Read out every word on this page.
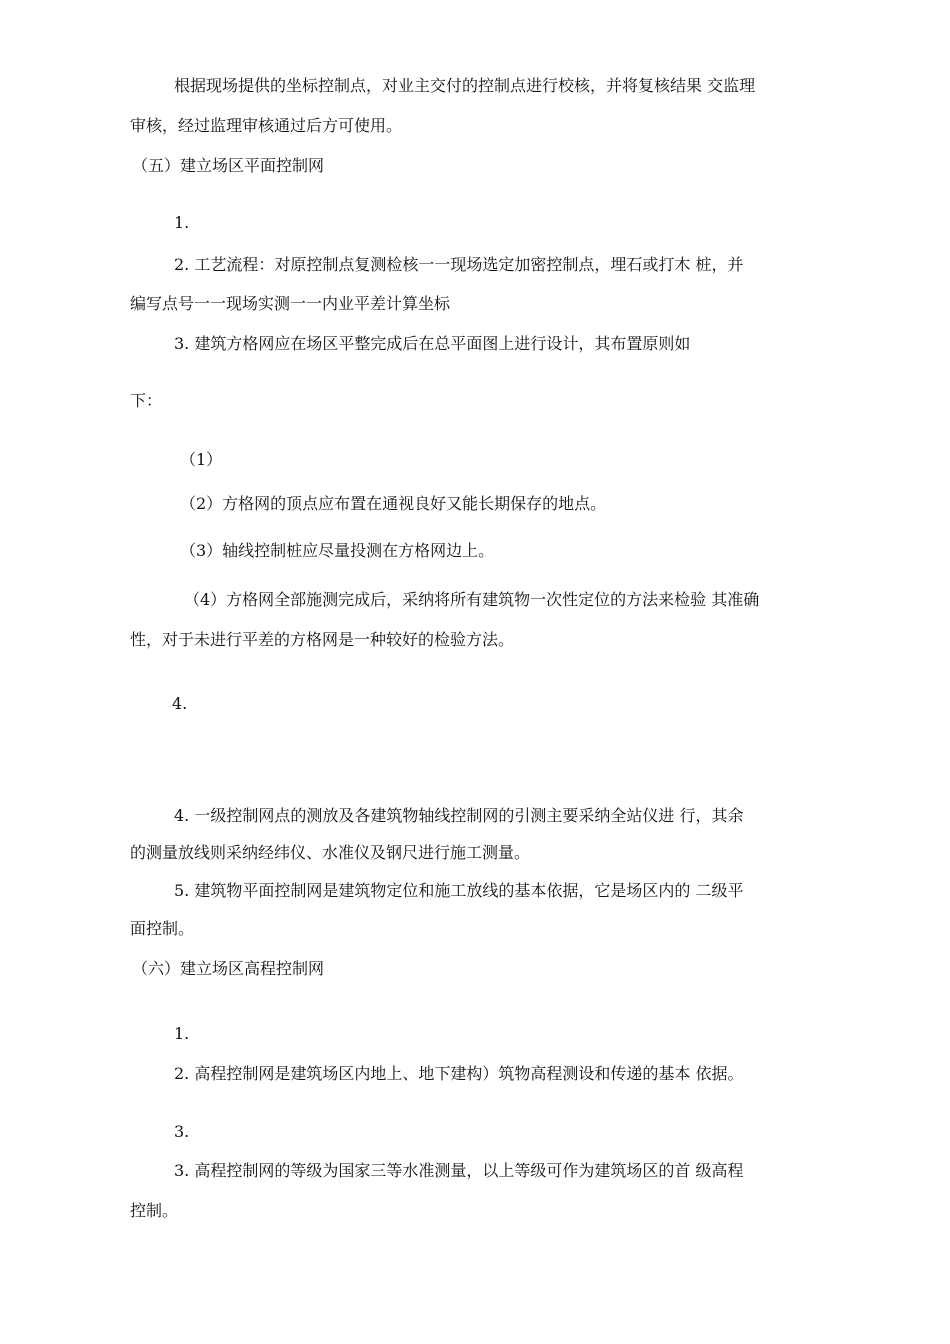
根据现场提供的坐标控制点，对业主交付的控制点进行校核，并将复核结果 交监理
审核，经过监理审核通过后方可使用。
（五）建立场区平面控制网
1.
2. 工艺流程：对原控制点复测检核一一现场选定加密控制点，埋石或打木 桩，并
编写点号一一现场实测一一内业平差计算坐标
3. 建筑方格网应在场区平整完成后在总平面图上进行设计，其布置原则如
下：
（1）
（2）方格网的顶点应布置在通视良好又能长期保存的地点。
（3）轴线控制桩应尽量投测在方格网边上。
（4）方格网全部施测完成后，采纳将所有建筑物一次性定位的方法来检验 其准确
性，对于未进行平差的方格网是一种较好的检验方法。
4.
4. 一级控制网点的测放及各建筑物轴线控制网的引测主要采纳全站仪进 行，其余
的测量放线则采纳经纬仪、水准仪及钢尺进行施工测量。
5. 建筑物平面控制网是建筑物定位和施工放线的基本依据，它是场区内的 二级平
面控制。
（六）建立场区高程控制网
1.
2. 高程控制网是建筑场区内地上、地下建构）筑物高程测设和传递的基本 依据。
3.
3. 高程控制网的等级为国家三等水准测量，以上等级可作为建筑场区的首 级高程
控制。
